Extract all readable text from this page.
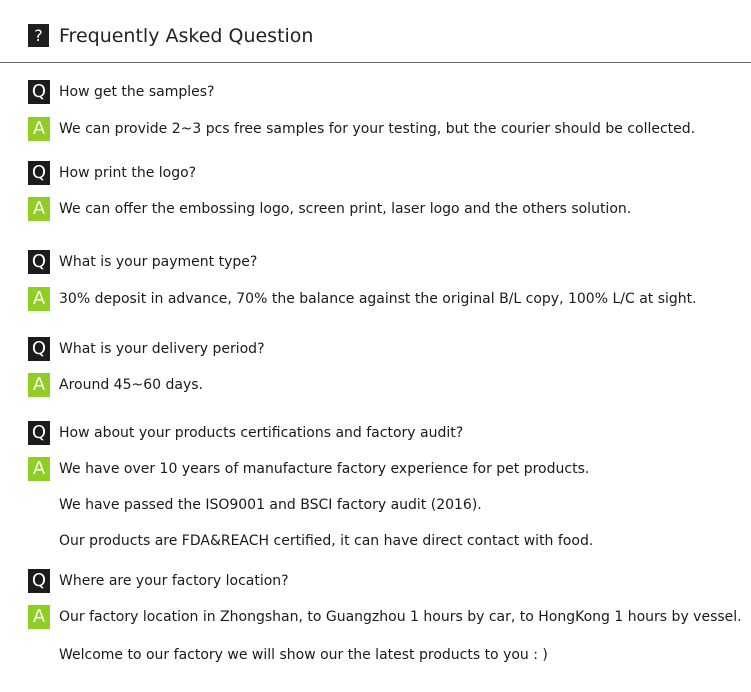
? Frequently Asked Question
Q How get the samples?
A We can provide 2~3 pcs free samples for your testing, but the courier should be collected.
Q How print the logo?
A We can offer the embossing logo, screen print, laser logo and the others solution.
Q What is your payment type?
A 30% deposit in advance, 70% the balance against the original B/L copy, 100% L/C at sight.
Q What is your delivery period?
A Around 45~60 days.
Q How about your products certifications and factory audit?
A We have over 10 years of manufacture factory experience for pet products.
We have passed the ISO9001 and BSCI factory audit (2016).
Our products are FDA&REACH certified, it can have direct contact with food.
Q Where are your factory location?
A Our factory location in Zhongshan, to Guangzhou 1 hours by car, to HongKong 1 hours by vessel.
Welcome to our factory we will show our the latest products to you : )
